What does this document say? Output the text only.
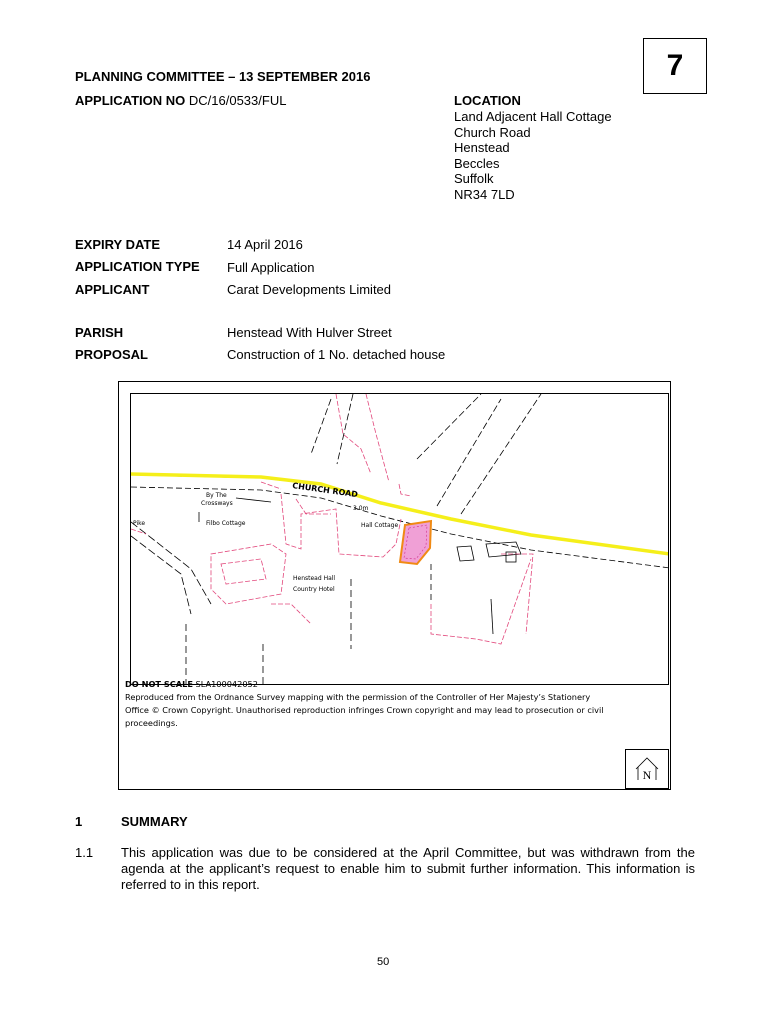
7
PLANNING COMMITTEE – 13 SEPTEMBER 2016
APPLICATION NO DC/16/0533/FUL	LOCATION
Land Adjacent Hall Cottage
Church Road
Henstead
Beccles
Suffolk
NR34 7LD
EXPIRY DATE	14 April 2016
APPLICATION TYPE Full Application
APPLICANT	Carat Developments Limited
PARISH	Henstead With Hulver Street
PROPOSAL	Construction of 1 No. detached house
CHURCH ROAD
By The
Crossways
Pike	Filbo Cottage
3.0m
Hall Cottage
Henstead Hall
Country Hotel
DO NOT SCALE SLA100042052
Reproduced from the Ordnance Survey mapping with the permission of the Controller of Her Majesty’s Stationery Office © Crown Copyright. Unauthorised reproduction infringes Crown copyright and may lead to prosecution or civil proceedings.
N
1	SUMMARY
1.1 This application was due to be considered at the April Committee, but was withdrawn from the agenda at the applicant’s request to enable him to submit further information. This information is referred to in this report.
50
